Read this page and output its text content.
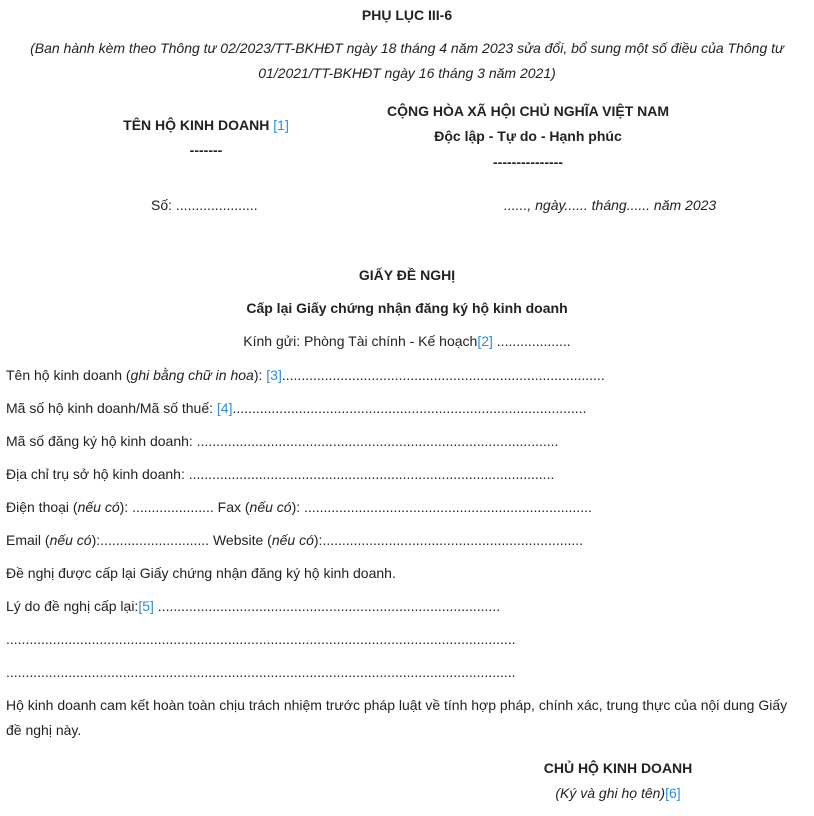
PHỤ LỤC III-6
(Ban hành kèm theo Thông tư 02/2023/TT-BKHĐT ngày 18 tháng 4 năm 2023 sửa đổi, bổ sung một số điều của Thông tư
01/2021/TT-BKHĐT ngày 16 tháng 3 năm 2021)
TÊN HỘ KINH DOANH [1]
-------
Số: .....................
CỘNG HÒA XÃ HỘI CHỦ NGHĨA VIỆT NAM
Độc lập - Tự do - Hạnh phúc
---------------
......, ngày...... tháng...... năm 2023
GIẤY ĐỀ NGHỊ
Cấp lại Giấy chứng nhận đăng ký hộ kinh doanh
Kính gửi: Phòng Tài chính - Kế hoạch[2] ...................
Tên hộ kinh doanh (ghi bằng chữ in hoa): [3]...................................................................................
Mã số hộ kinh doanh/Mã số thuế: [4]...........................................................................................
Mã số đăng ký hộ kinh doanh: .............................................................................................
Địa chỉ trụ sở hộ kinh doanh: ..............................................................................................
Điện thoại (nếu có): ..................... Fax (nếu có): ..........................................................................
Email (nếu có):............................ Website (nếu có):...................................................................
Đề nghị được cấp lại Giấy chứng nhận đăng ký hộ kinh doanh.
Lý do đề nghị cấp lại:[5] ........................................................................................
...................................................................................................................................
...................................................................................................................................
Hộ kinh doanh cam kết hoàn toàn chịu trách nhiệm trước pháp luật về tính hợp pháp, chính xác, trung thực của nội dung Giấy
đề nghị này.
CHỦ HỘ KINH DOANH
(Ký và ghi họ tên)[6]
